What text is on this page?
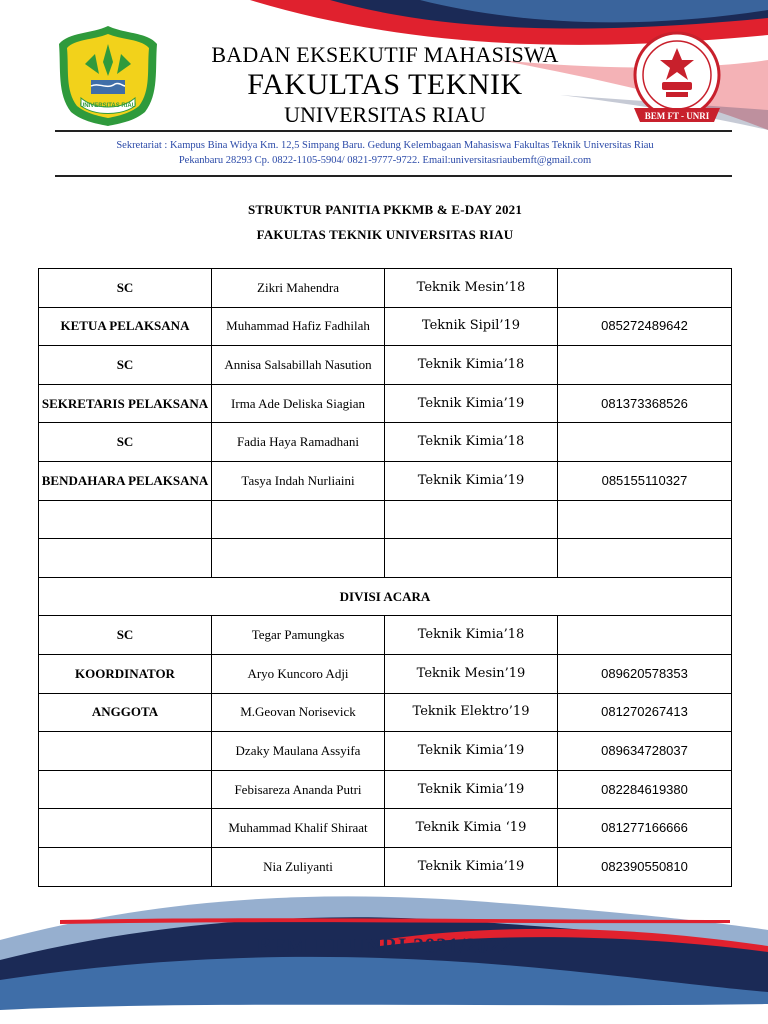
UNIVERSITAS RIAU
BEM FT - UNRI
BADAN EKSEKUTIF MAHASISWA
FAKULTAS TEKNIK
UNIVERSITAS RIAU
Sekretariat : Kampus Bina Widya Km. 12,5 Simpang Baru. Gedung Kelembagaan Mahasiswa Fakultas Teknik Universitas Riau
Pekanbaru 28293 Cp. 0822-1105-5904/ 0821-9777-9722. Email:universitasriaubemft@gmail.com
STRUKTUR PANITIA PKKMB & E-DAY 2021
FAKULTAS TEKNIK UNIVERSITAS RIAU
SC	Zikri Mahendra	Teknik Mesin’18	
KETUA PELAKSANA	Muhammad Hafiz Fadhilah	Teknik Sipil’19	085272489642
SC	Annisa Salsabillah Nasution	Teknik Kimia’18	
SEKRETARIS PELAKSANA	Irma Ade Deliska Siagian	Teknik Kimia’19	081373368526
SC	Fadia Haya Ramadhani	Teknik Kimia’18	
BENDAHARA PELAKSANA	Tasya Indah Nurliaini	Teknik Kimia’19	085155110327

DIVISI ACARA			
SC	Tegar Pamungkas	Teknik Kimia’18	
KOORDINATOR	Aryo Kuncoro Adji	Teknik Mesin’19	089620578353
ANGGOTA	M.Geovan Norisevick	Teknik Elektro’19	081270267413
	Dzaky Maulana Assyifa	Teknik Kimia’19	089634728037
	Febisareza Ananda Putri	Teknik Kimia’19	082284619380
	Muhammad Khalif Shiraat	Teknik Kimia ‘19	081277166666
	Nia Zuliyanti	Teknik Kimia’19	082390550810
BEM FT UNRI 2021/2022
